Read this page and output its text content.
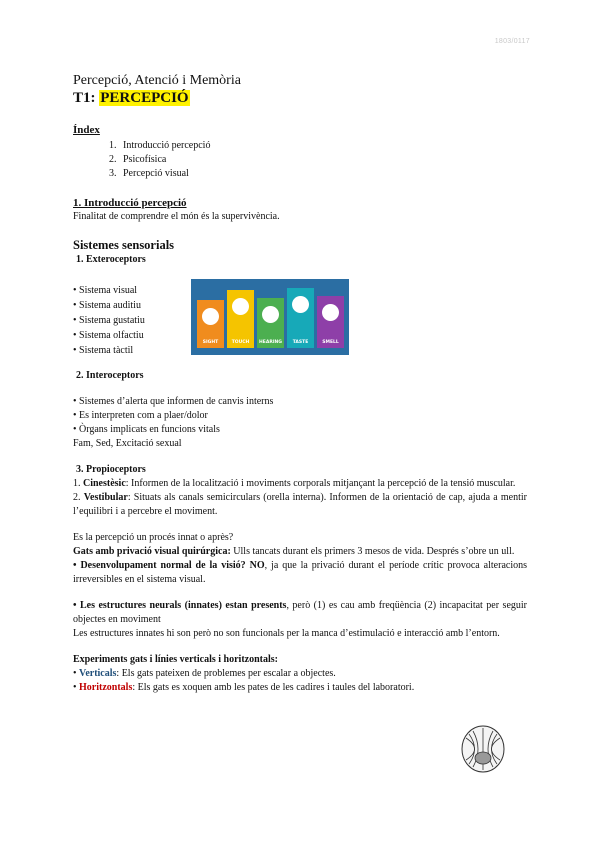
1803/0117
Percepció, Atenció i Memòria
T1: PERCEPCIÓ
Índex
1. Introducció percepció
2. Psicofísica
3. Percepció visual
1. Introducció percepció

Finalitat de comprendre el món és la supervivència.

Sistemes sensorials
1. Exteroceptors
• Sistema visual
• Sistema auditiu
• Sistema gustatiu
• Sistema olfactiu
• Sistema tàctil
SIGHT	TOUCH	HEARING	TASTE	SMELL
2. Interoceptors

• Sistemes d’alerta que informen de canvis interns

• Es interpreten com a plaer/dolor

• Òrgans implicats en funcions vitals

Fam, Sed, Excitació sexual

3. Propioceptors

1. Cinestèsic: Informen de la localització i moviments corporals mitjançant la percepció de la tensió muscular.

2. Vestibular: Situats als canals semicirculars (orella interna). Informen de la orientació de cap, ajuda a mentir l’equilibri i a percebre el moviment.

Es la percepció un procés innat o après?

Gats amb privació visual quirúrgica: Ulls tancats durant els primers 3 mesos de vida. Després s’obre un ull.

• Desenvolupament normal de la visió? NO, ja que la privació durant el període crític provoca alteracions irreversibles en el sistema visual.

• Les estructures neurals (innates) estan presents, però (1) es cau amb freqüència (2) incapacitat per seguir objectes en moviment

Les estructures innates hi son però no son funcionals per la manca d’estimulació e interacció amb l’entorn.

Experiments gats i línies verticals i horitzontals:

• Verticals: Els gats pateixen de problemes per escalar a objectes.

• Horitzontals: Els gats es xoquen amb les pates de les cadires i taules del laboratori.
